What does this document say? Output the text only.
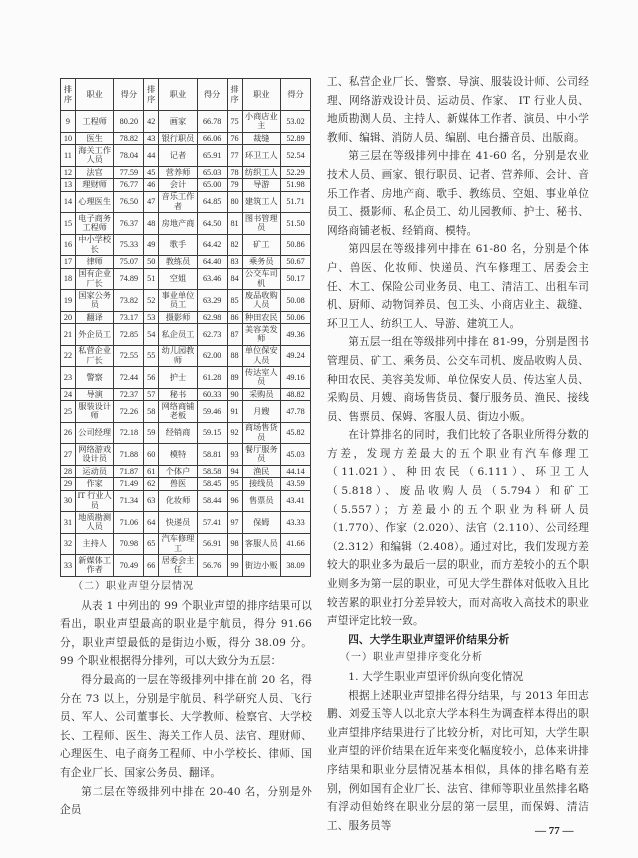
排序	职业	得分	排序	职业	得分	排序	职业	得分
9	工程师	80.20	42	画家	66.78	75	小商店业主	53.02
10	医生	78.82	43	银行职员	66.06	76	裁缝	52.89
11	海关工作人员	78.04	44	记者	65.91	77	环卫工人	52.54
12	法官	77.59	45	营养师	65.03	78	纺织工人	52.29
13	理财师	76.77	46	会计	65.00	79	导游	51.98
14	心理医生	76.50	47	音乐工作者	64.85	80	建筑工人	51.71
15	电子商务工程师	76.37	48	房地产商	64.50	81	图书管理员	51.50
16	中小学校长	75.33	49	歌手	64.42	82	矿工	50.86
17	律师	75.07	50	教练员	64.40	83	乘务员	50.67
18	国有企业厂长	74.89	51	空姐	63.46	84	公交车司机	50.17
19	国家公务员	73.82	52	事业单位员工	63.29	85	废品收购人员	50.08
20	翻译	73.17	53	摄影师	62.98	86	种田农民	50.06
21	外企员工	72.85	54	私企员工	62.73	87	美容美发师	49.36
22	私营企业厂长	72.55	55	幼儿园教师	62.00	88	单位保安人员	49.24
23	警察	72.44	56	护士	61.28	89	传达室人员	49.16
24	导演	72.37	57	秘书	60.33	90	采购员	48.82
25	服装设计师	72.26	58	网络商铺老板	59.46	91	月嫂	47.78
26	公司经理	72.18	59	经销商	59.15	92	商场售货员	45.82
27	网络游戏设计员	71.88	60	模特	58.81	93	餐厅服务员	45.03
28	运动员	71.87	61	个体户	58.58	94	渔民	44.14
29	作家	71.49	62	兽医	58.45	95	接线员	43.59
30	IT 行业人员	71.34	63	化妆师	58.44	96	售票员	43.41
31	地质勘测人员	71.06	64	快递员	57.41	97	保姆	43.33
32	主持人	70.98	65	汽车修理工	56.91	98	客服人员	41.66
33	新媒体工作者	70.49	66	居委会主任	56.76	99	街边小贩	38.09

（二）职业声望分层情况

从表 1 中列出的 99 个职业声望的排序结果可以看出，职业声望最高的职业是宇航员，得分 91.66 分，职业声望最低的是街边小贩，得分 38.09 分。99 个职业根据得分排列，可以大致分为五层：

得分最高的一层在等级排列中排在前 20 名，得分在 73 以上，分别是宇航员、科学研究人员、飞行员、军人、公司董事长、大学教师、检察官、大学校长、工程师、医生、海关工作人员、法官、理财师、心理医生、电子商务工程师、中小学校长、律师、国有企业厂长、国家公务员、翻译。

第二层在等级排列中排在 20-40 名，分别是外企员

工、私营企业厂长、警察、导演、服装设计师、公司经理、网络游戏设计员、运动员、作家、 IT 行业人员、地质勘测人员、主持人、新媒体工作者、演员、中小学教师、编辑、消防人员、编剧、电台播音员、出版商。

第三层在等级排列中排在 41-60 名，分别是农业技术人员、画家、银行职员、记者、营养师、会计、音乐工作者、房地产商、歌手、教练员、空姐、事业单位员工、摄影师、私企员工、幼儿园教师、护士、秘书、网络商铺老板、经销商、模特。

第四层在等级排列中排在 61-80 名，分别是个体户、兽医、化妆师、快递员、汽车修理工、居委会主任、木工、保险公司业务员、电工、清洁工、出租车司机、厨师、动物饲养员、包工头、小商店业主、裁缝、环卫工人、纺织工人、导游、建筑工人。

第五层一组在等级排列中排在 81-99，分别是图书管理员、矿工、乘务员、公交车司机、废品收购人员、种田农民、美容美发师、单位保安人员、传达室人员、采购员、月嫂、商场售货员、餐厅服务员、渔民、接线员、售票员、保姆、客服人员、街边小贩。

在计算排名的同时，我们比较了各职业所得分数的方差，发现方差最大的五个职业有汽车修理工（11.021）、种田农民（6.111）、环卫工人（5.818）、废品收购人员（5.794）和矿工（5.557）；方差最小的五个职业为科研人员（1.770）、作家（2.020）、法官（2.110）、公司经理（2.312）和编辑（2.408）。通过对比，我们发现方差较大的职业多为最后一层的职业，而方差较小的五个职业则多为第一层的职业，可见大学生群体对低收入且比较苦累的职业打分差异较大，而对高收入高技术的职业声望评定比较一致。

四、大学生职业声望评价结果分析

（一）职业声望排序变化分析

1. 大学生职业声望评价纵向变化情况

根据上述职业声望排名得分结果，与 2013 年田志鹏、刘爱玉等人以北京大学本科生为调查样本得出的职业声望排序结果进行了比较分析，对比可知，大学生职业声望的评价结果在近年来变化幅度较小，总体来讲排序结果和职业分层情况基本相似，具体的排名略有差别，例如国有企业厂长、法官、律师等职业虽然排名略有浮动但始终在职业分层的第一层里，而保姆、清洁工、服务员等	— 77 —
